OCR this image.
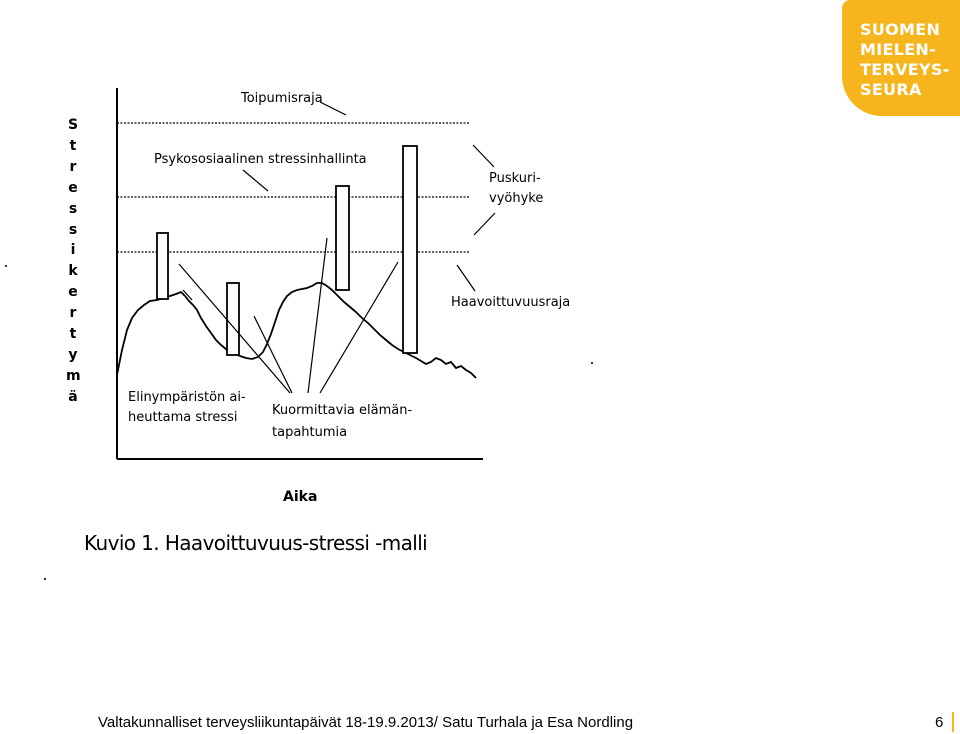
SUOMEN
MIELEN-
TERVEYS-
SEURA
S
t
r
e
s
s
i
k
e
r
t
y
m
ä
Toipumisraja
Psykososiaalinen stressinhallinta
Puskuri-
vyöhyke
Haavoittuvuusraja
Elinympäristön ai-
heuttama stressi	Kuormittavia elämän-
tapahtumia
Aika
Kuvio 1. Haavoittuvuus-stressi -malli
Valtakunnalliset terveysliikuntapäivät 18-19.9.2013/ Satu Turhala ja Esa Nordling	6
